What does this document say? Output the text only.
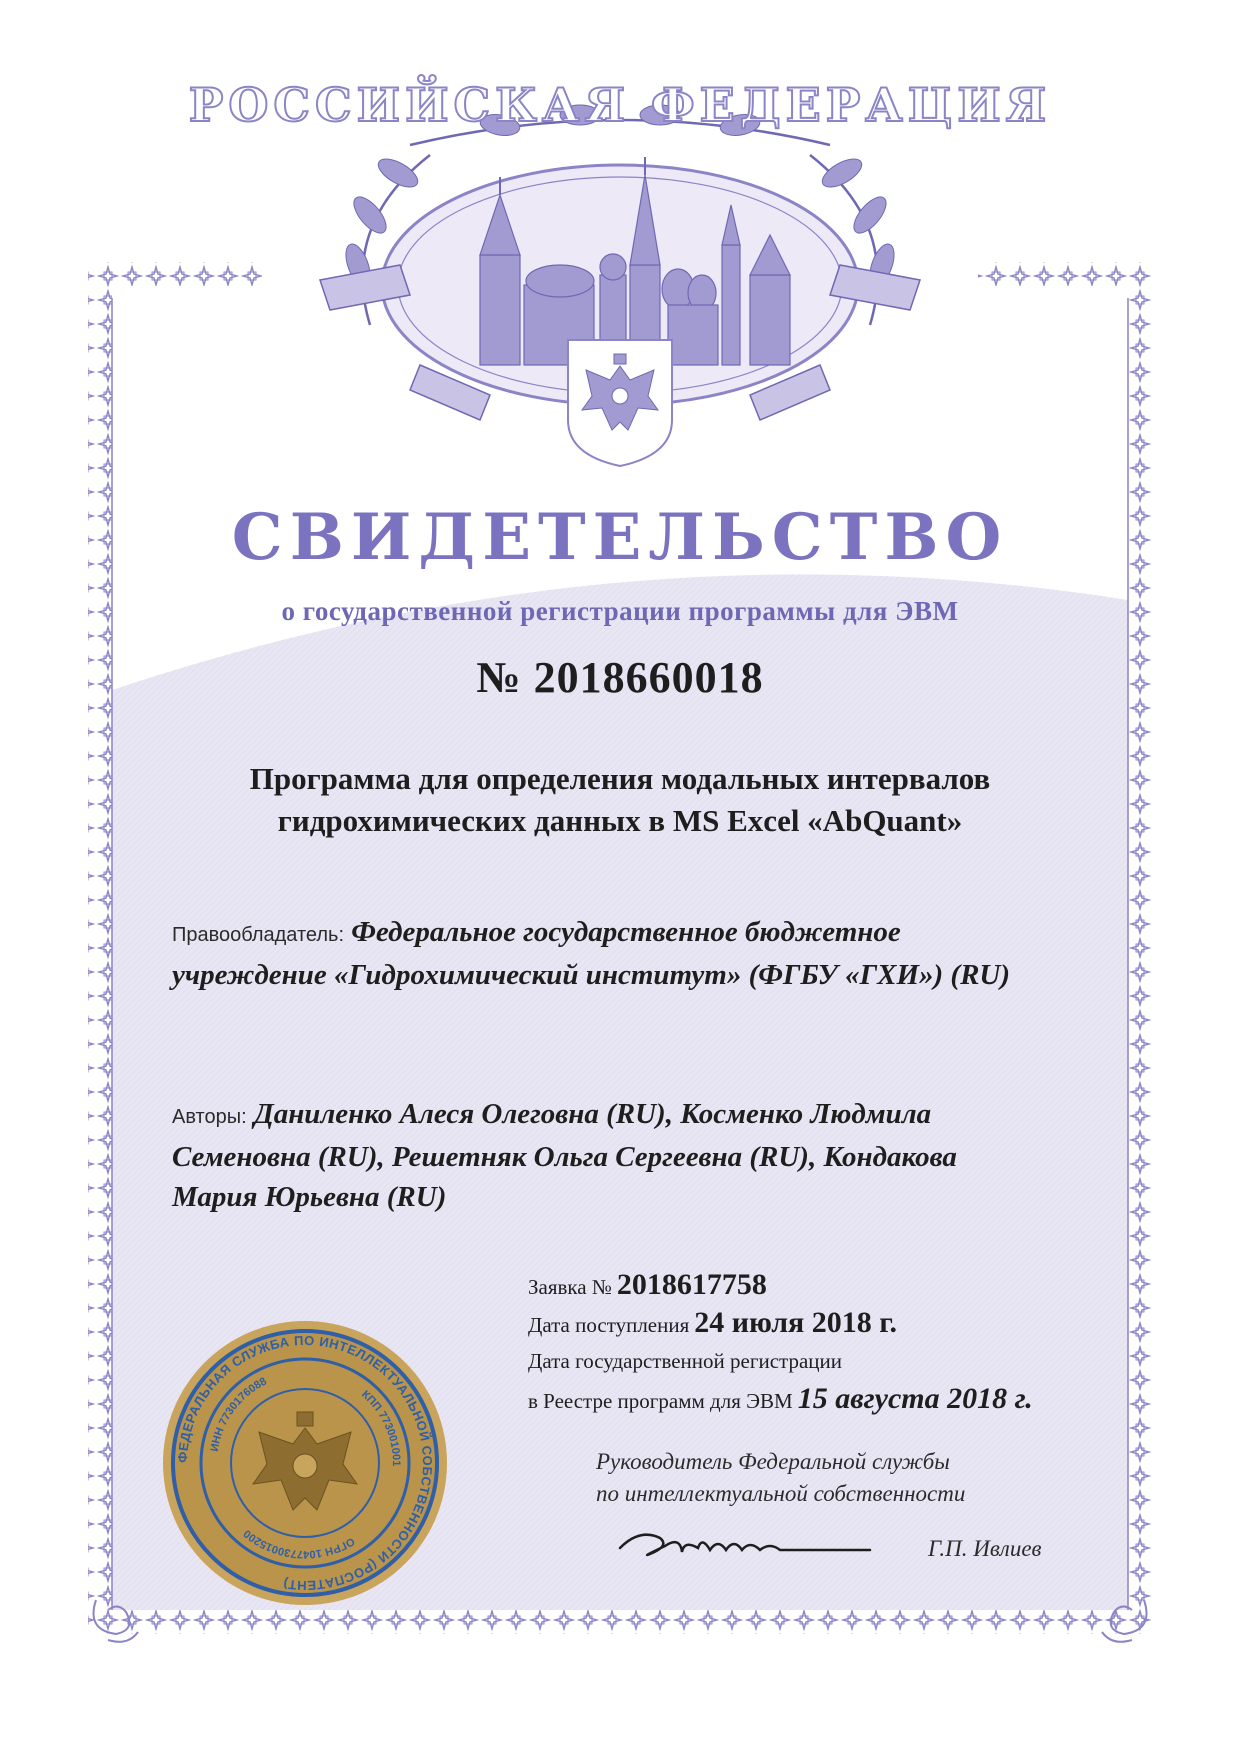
РОССИЙСКАЯ ФЕДЕРАЦИЯ
СВИДЕТЕЛЬСТВО
о государственной регистрации программы для ЭВМ
№ 2018660018
Программа для определения модальных интервалов
гидрохимических данных в MS Excel «AbQuant»
Правообладатель: Федеральное государственное бюджетное
учреждение «Гидрохимический институт» (ФГБУ «ГХИ») (RU)
Авторы: Даниленко Алеся Олеговна (RU), Косменко Людмила
Семеновна (RU), Решетняк Ольга Сергеевна (RU), Кондакова
Мария Юрьевна (RU)
Заявка № 2018617758
Дата поступления 24 июля 2018 г.
Дата государственной регистрации
в Реестре программ для ЭВМ 15 августа 2018 г.
Руководитель Федеральной службы
по интеллектуальной собственности
Г.П. Ивлиев
ФЕДЕРАЛЬНАЯ СЛУЖБА ПО ИНТЕЛЛЕКТУАЛЬНОЙ СОБСТВЕННОСТИ (РОСПАТЕНТ)
ИНН 7730176088
КПП 773001001
ОГРН 1047730015200
